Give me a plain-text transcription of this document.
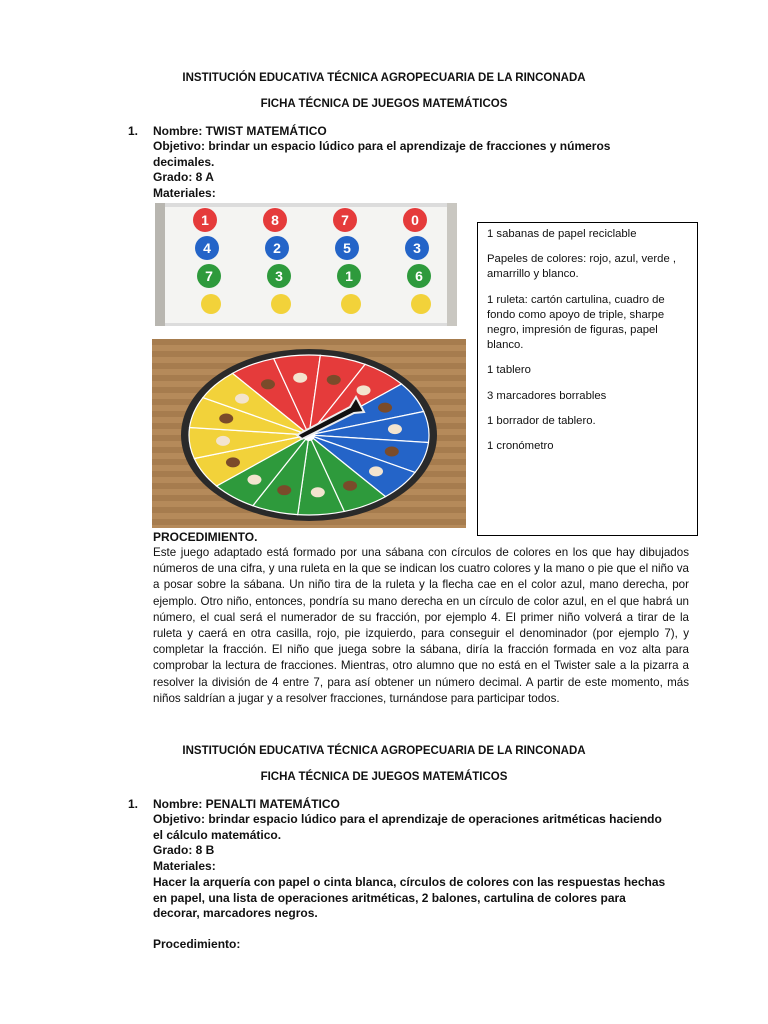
INSTITUCIÓN EDUCATIVA TÉCNICA AGROPECUARIA DE LA RINCONADA
FICHA TÉCNICA DE JUEGOS MATEMÁTICOS
1. Nombre: TWIST MATEMÁTICO
Objetivo: brindar un espacio lúdico para el aprendizaje de fracciones y números
decimales.
Grado: 8 A
Materiales:
1	8	7	0
4	2	5	3
7	3	1	6

1 sabanas de papel reciclable

Papeles de colores: rojo, azul, verde , amarrillo y blanco.

1 ruleta: cartón cartulina, cuadro de fondo como apoyo de triple, sharpe negro, impresión de figuras, papel blanco.

1 tablero

3 marcadores borrables

1 borrador de tablero.

1 cronómetro

PROCEDIMIENTO.
Este juego adaptado está formado por una sábana con círculos de colores en los que hay dibujados números de una cifra, y una ruleta en la que se indican los cuatro colores y la mano o pie que el niño va a posar sobre la sábana. Un niño tira de la ruleta y la flecha cae en el color azul, mano derecha, por ejemplo. Otro niño, entonces, pondría su mano derecha en un círculo de color azul, en el que habrá un número, el cual será el numerador de su fracción, por ejemplo 4. El primer niño volverá a tirar de la ruleta y caerá en otra casilla, rojo, pie izquierdo, para conseguir el denominador (por ejemplo 7), y completar la fracción. El niño que juega sobre la sábana, diría la fracción formada en voz alta para comprobar la lectura de fracciones. Mientras, otro alumno que no está en el Twister sale a la pizarra a resolver la división de 4 entre 7, para así obtener un número decimal. A partir de este momento, más niños saldrían a jugar y a resolver fracciones, turnándose para participar todos.
INSTITUCIÓN EDUCATIVA TÉCNICA AGROPECUARIA DE LA RINCONADA
FICHA TÉCNICA DE JUEGOS MATEMÁTICOS
1. Nombre: PENALTI MATEMÁTICO
Objetivo: brindar espacio lúdico para el aprendizaje de operaciones aritméticas haciendo
el cálculo matemático.
Grado: 8 B
Materiales:
Hacer la arquería con papel o cinta blanca, círculos de colores con las respuestas hechas
en papel, una lista de operaciones aritméticas, 2 balones, cartulina de colores para
decorar, marcadores negros.
Procedimiento:
